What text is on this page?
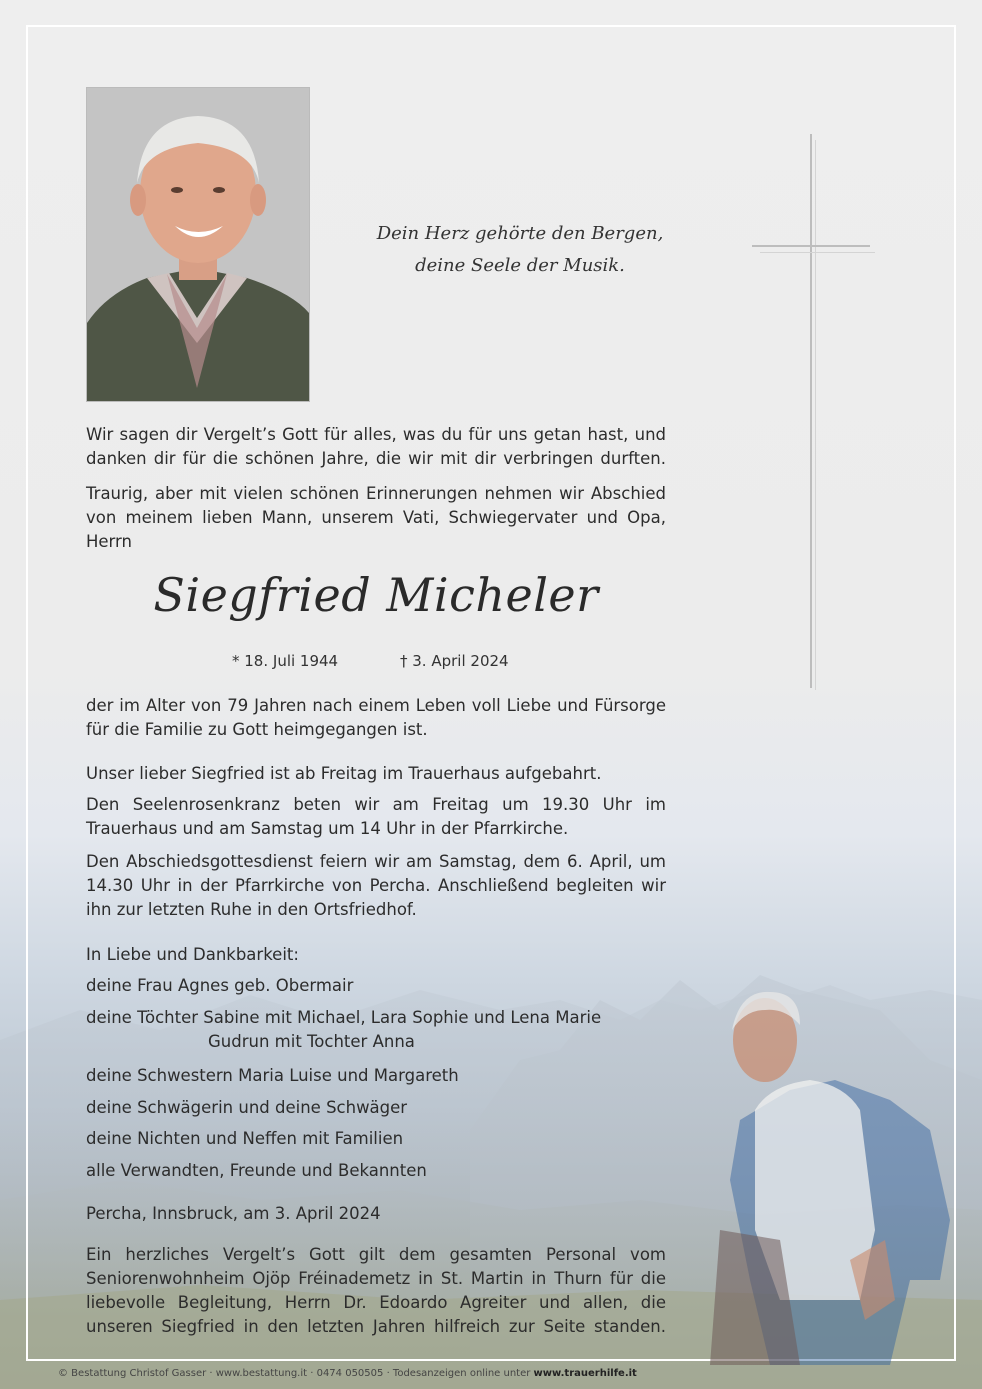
Dein Herz gehörte den Bergen,
deine Seele der Musik.
Wir sagen dir Vergelt’s Gott für alles, was du für uns getan hast, und
danken dir für die schönen Jahre, die wir mit dir verbringen durften.
Traurig, aber mit vielen schönen Erinnerungen nehmen wir Abschied
von meinem lieben Mann, unserem Vati, Schwiegervater und Opa,
Herrn
Siegfried Micheler
* 18. Juli 1944	† 3. April 2024
der im Alter von 79 Jahren nach einem Leben voll Liebe und Fürsorge
für die Familie zu Gott heimgegangen ist.
Unser lieber Siegfried ist ab Freitag im Trauerhaus aufgebahrt.
Den Seelenrosenkranz beten wir am Freitag um 19.30 Uhr im
Trauerhaus und am Samstag um 14 Uhr in der Pfarrkirche.
Den Abschiedsgottesdienst feiern wir am Samstag, dem 6. April, um
14.30 Uhr in der Pfarrkirche von Percha. Anschließend begleiten wir
ihn zur letzten Ruhe in den Ortsfriedhof.
In Liebe und Dankbarkeit:
deine Frau Agnes geb. Obermair
deine Töchter Sabine mit Michael, Lara Sophie und Lena Marie
Gudrun mit Tochter Anna
deine Schwestern Maria Luise und Margareth
deine Schwägerin und deine Schwäger
deine Nichten und Neffen mit Familien
alle Verwandten, Freunde und Bekannten
Percha, Innsbruck, am 3. April 2024
Ein herzliches Vergelt’s Gott gilt dem gesamten Personal vom
Seniorenwohnheim Ojöp Fréinademetz in St. Martin in Thurn für die
liebevolle Begleitung, Herrn Dr. Edoardo Agreiter und allen, die
unseren Siegfried in den letzten Jahren hilfreich zur Seite standen.
© Bestattung Christof Gasser · www.bestattung.it · 0474 050505 · Todesanzeigen online unter www.trauerhilfe.it
